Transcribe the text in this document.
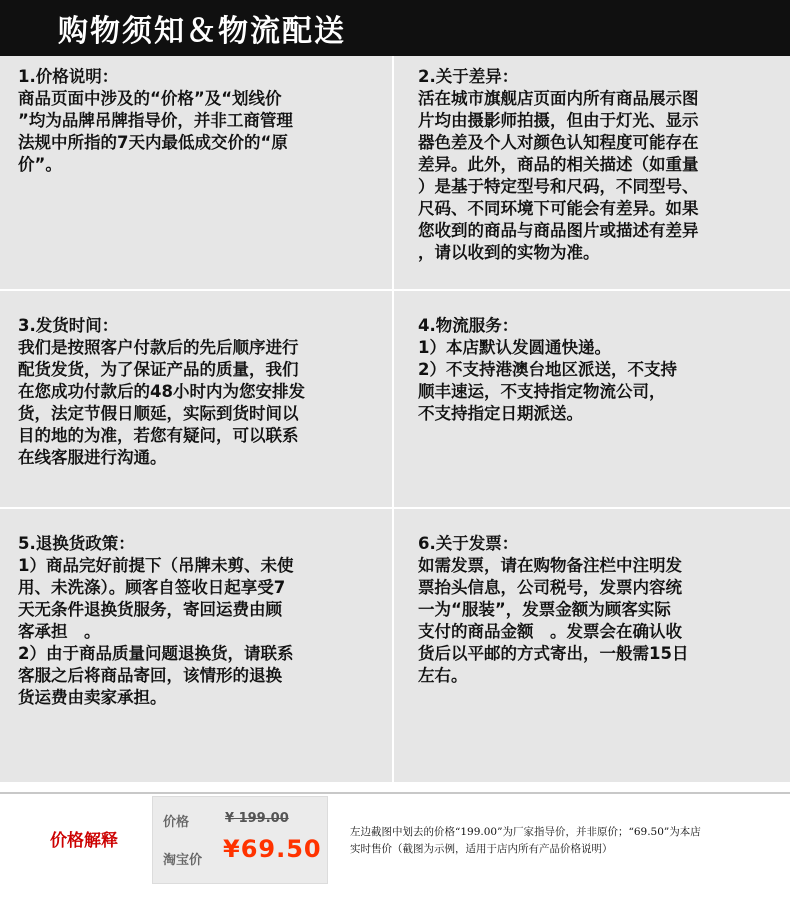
购物须知＆物流配送
1.价格说明：
商品页面中涉及的“价格”及“划线价
”均为品牌吊牌指导价，并非工商管理
法规中所指的7天内最低成交价的“原
价”。
2.关于差异：
活在城市旗舰店页面内所有商品展示图
片均由摄影师拍摄，但由于灯光、显示
器色差及个人对颜色认知程度可能存在
差异。此外，商品的相关描述（如重量
）是基于特定型号和尺码，不同型号、
尺码、不同环境下可能会有差异。如果
您收到的商品与商品图片或描述有差异
，请以收到的实物为准。
3.发货时间：
我们是按照客户付款后的先后顺序进行
配货发货，为了保证产品的质量，我们
在您成功付款后的48小时内为您安排发
货，法定节假日顺延，实际到货时间以
目的地的为准，若您有疑问，可以联系
在线客服进行沟通。
4.物流服务：
1）本店默认发圆通快递。
2）不支持港澳台地区派送，不支持
顺丰速运，不支持指定物流公司，
不支持指定日期派送。
5.退换货政策：
1）商品完好前提下（吊牌未剪、未使
用、未洗涤）。顾客自签收日起享受7
天无条件退换货服务，寄回运费由顾
客承担　。
2）由于商品质量问题退换货，请联系
客服之后将商品寄回，该情形的退换
货运费由卖家承担。
6.关于发票：
如需发票，请在购物备注栏中注明发
票抬头信息，公司税号，发票内容统
一为“服装”，发票金额为顾客实际
支付的商品金额　。发票会在确认收
货后以平邮的方式寄出，一般需15日
左右。
价格解释
价格	¥ 199.00
淘宝价 ¥69.50
左边截图中划去的价格“199.00”为厂家指导价，并非原价；“69.50”为本店
实时售价（截图为示例，适用于店内所有产品价格说明）
